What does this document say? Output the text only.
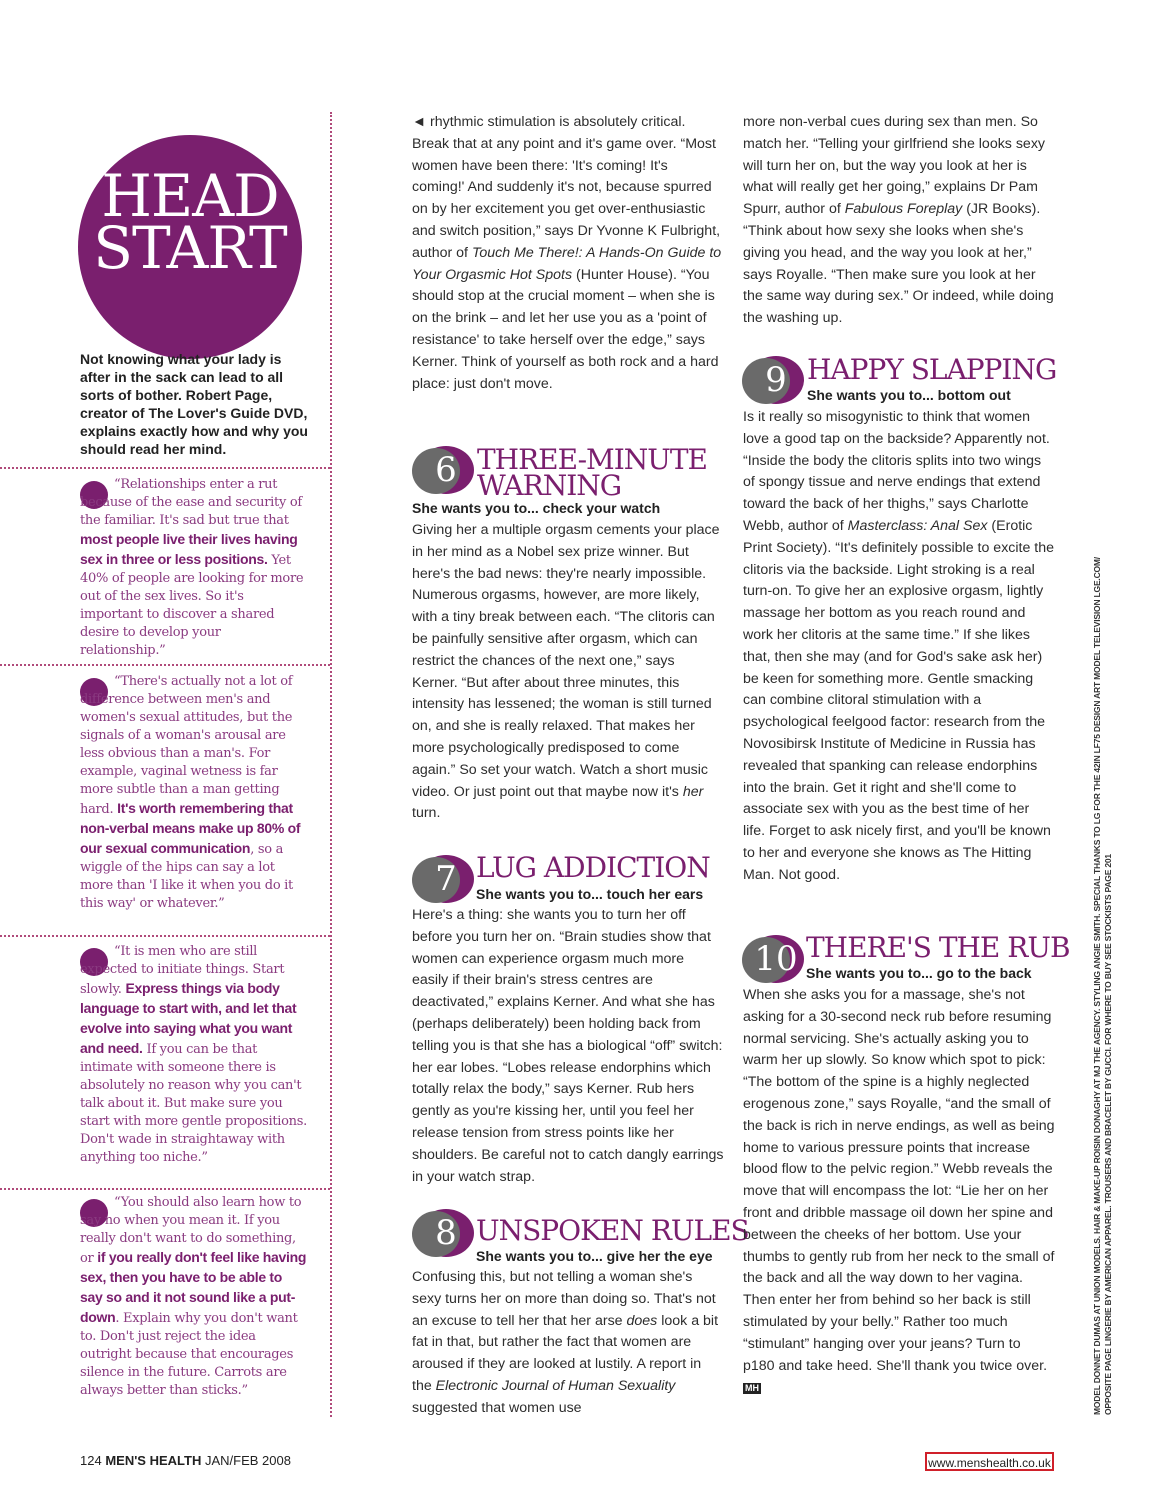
HEAD
START
Not knowing what your lady is after in the sack can lead to all sorts of bother. Robert Page, creator of The Lover's Guide DVD, explains exactly how and why you should read her mind.
“Relationships enter a rut because of the ease and security of the familiar. It's sad but true that most people live their lives having sex in three or less positions. Yet 40% of people are looking for more out of the sex lives. So it's important to discover a shared desire to develop your relationship.”
“There's actually not a lot of difference between men's and women's sexual attitudes, but the signals of a woman's arousal are less obvious than a man's. For example, vaginal wetness is far more subtle than a man getting hard. It's worth remembering that non-verbal means make up 80% of our sexual communication, so a wiggle of the hips can say a lot more than 'I like it when you do it this way' or whatever.”
“It is men who are still expected to initiate things. Start slowly. Express things via body language to start with, and let that evolve into saying what you want and need. If you can be that intimate with someone there is absolutely no reason why you can't talk about it. But make sure you start with more gentle propositions. Don't wade in straightaway with anything too niche.”
“You should also learn how to say no when you mean it. If you really don't want to do something, or if you really don't feel like having sex, then you have to be able to say so and it not sound like a put-down. Explain why you don't want to. Don't just reject the idea outright because that encourages silence in the future. Carrots are always better than sticks.”

◄ rhythmic stimulation is absolutely critical. Break that at any point and it's game over. “Most women have been there: 'It's coming! It's coming!' And suddenly it's not, because spurred on by her excitement you get over-enthusiastic and switch position,” says Dr Yvonne K Fulbright, author of Touch Me There!: A Hands-On Guide to Your Orgasmic Hot Spots (Hunter House). “You should stop at the crucial moment – when she is on the brink – and let her use you as a 'point of resistance' to take herself over the edge,” says Kerner. Think of yourself as both rock and a hard place: just don't move.

6 THREE-MINUTE
WARNING
She wants you to... check your watch

Giving her a multiple orgasm cements your place in her mind as a Nobel sex prize winner. But here's the bad news: they're nearly impossible. Numerous orgasms, however, are more likely, with a tiny break between each. “The clitoris can be painfully sensitive after orgasm, which can restrict the chances of the next one,” says Kerner. “But after about three minutes, this intensity has lessened; the woman is still turned on, and she is really relaxed. That makes her more psychologically predisposed to come again.” So set your watch. Watch a short music video. Or just point out that maybe now it's her turn.

7 LUG ADDICTION
She wants you to... touch her ears

Here's a thing: she wants you to turn her off before you turn her on. “Brain studies show that women can experience orgasm much more easily if their brain's stress centres are deactivated,” explains Kerner. And what she has (perhaps deliberately) been holding back from telling you is that she has a biological “off” switch: her ear lobes. “Lobes release endorphins which totally relax the body,” says Kerner. Rub hers gently as you're kissing her, until you feel her release tension from stress points like her shoulders. Be careful not to catch dangly earrings in your watch strap.

8 UNSPOKEN RULES
She wants you to... give her the eye

Confusing this, but not telling a woman she's sexy turns her on more than doing so. That's not an excuse to tell her that her arse does look a bit fat in that, but rather the fact that women are aroused if they are looked at lustily. A report in the Electronic Journal of Human Sexuality suggested that women use

more non-verbal cues during sex than men. So match her. “Telling your girlfriend she looks sexy will turn her on, but the way you look at her is what will really get her going,” explains Dr Pam Spurr, author of Fabulous Foreplay (JR Books). “Think about how sexy she looks when she's giving you head, and the way you look at her,” says Royalle. “Then make sure you look at her the same way during sex.” Or indeed, while doing the washing up.

9 HAPPY SLAPPING
She wants you to... bottom out

Is it really so misogynistic to think that women love a good tap on the backside? Apparently not. “Inside the body the clitoris splits into two wings of spongy tissue and nerve endings that extend toward the back of her thighs,” says Charlotte Webb, author of Masterclass: Anal Sex (Erotic Print Society). “It's definitely possible to excite the clitoris via the backside. Light stroking is a real turn-on. To give her an explosive orgasm, lightly massage her bottom as you reach round and work her clitoris at the same time.” If she likes that, then she may (and for God's sake ask her) be keen for something more. Gentle smacking can combine clitoral stimulation with a psychological feelgood factor: research from the Novosibirsk Institute of Medicine in Russia has revealed that spanking can release endorphins into the brain. Get it right and she'll come to associate sex with you as the best time of her life. Forget to ask nicely first, and you'll be known to her and everyone she knows as The Hitting Man. Not good.

10 THERE'S THE RUB
She wants you to... go to the back

When she asks you for a massage, she's not asking for a 30-second neck rub before resuming normal servicing. She's actually asking you to warm her up slowly. So know which spot to pick: “The bottom of the spine is a highly neglected erogenous zone,” says Royalle, “and the small of the back is rich in nerve endings, as well as being home to various pressure points that increase blood flow to the pelvic region.” Webb reveals the move that will encompass the lot: “Lie her on her front and dribble massage oil down her spine and between the cheeks of her bottom. Use your thumbs to gently rub from her neck to the small of the back and all the way down to her vagina. Then enter her from behind so her back is still stimulated by your belly.” Rather too much “stimulant” hanging over your jeans? Turn to p180 and take heed. She'll thank you twice over. MH	MODEL DONNET DUMAS AT UNION MODELS. HAIR & MAKE-UP ROISIN DONAGHY AT MJ THE AGENCY. STYLING ANGIE SMITH. SPECIAL THANKS TO LG FOR THE 42IN LF75 DESIGN ART MODEL TELEVISION LGE.COM/ OPPOSITE PAGE LINGERIE BY AMERICAN APPAREL. TROUSERS AND BRACELET BY GUCCI. FOR WHERE TO BUY SEE STOCKISTS PAGE 201
124 MEN'S HEALTH JAN/FEB 2008	www.menshealth.co.uk
